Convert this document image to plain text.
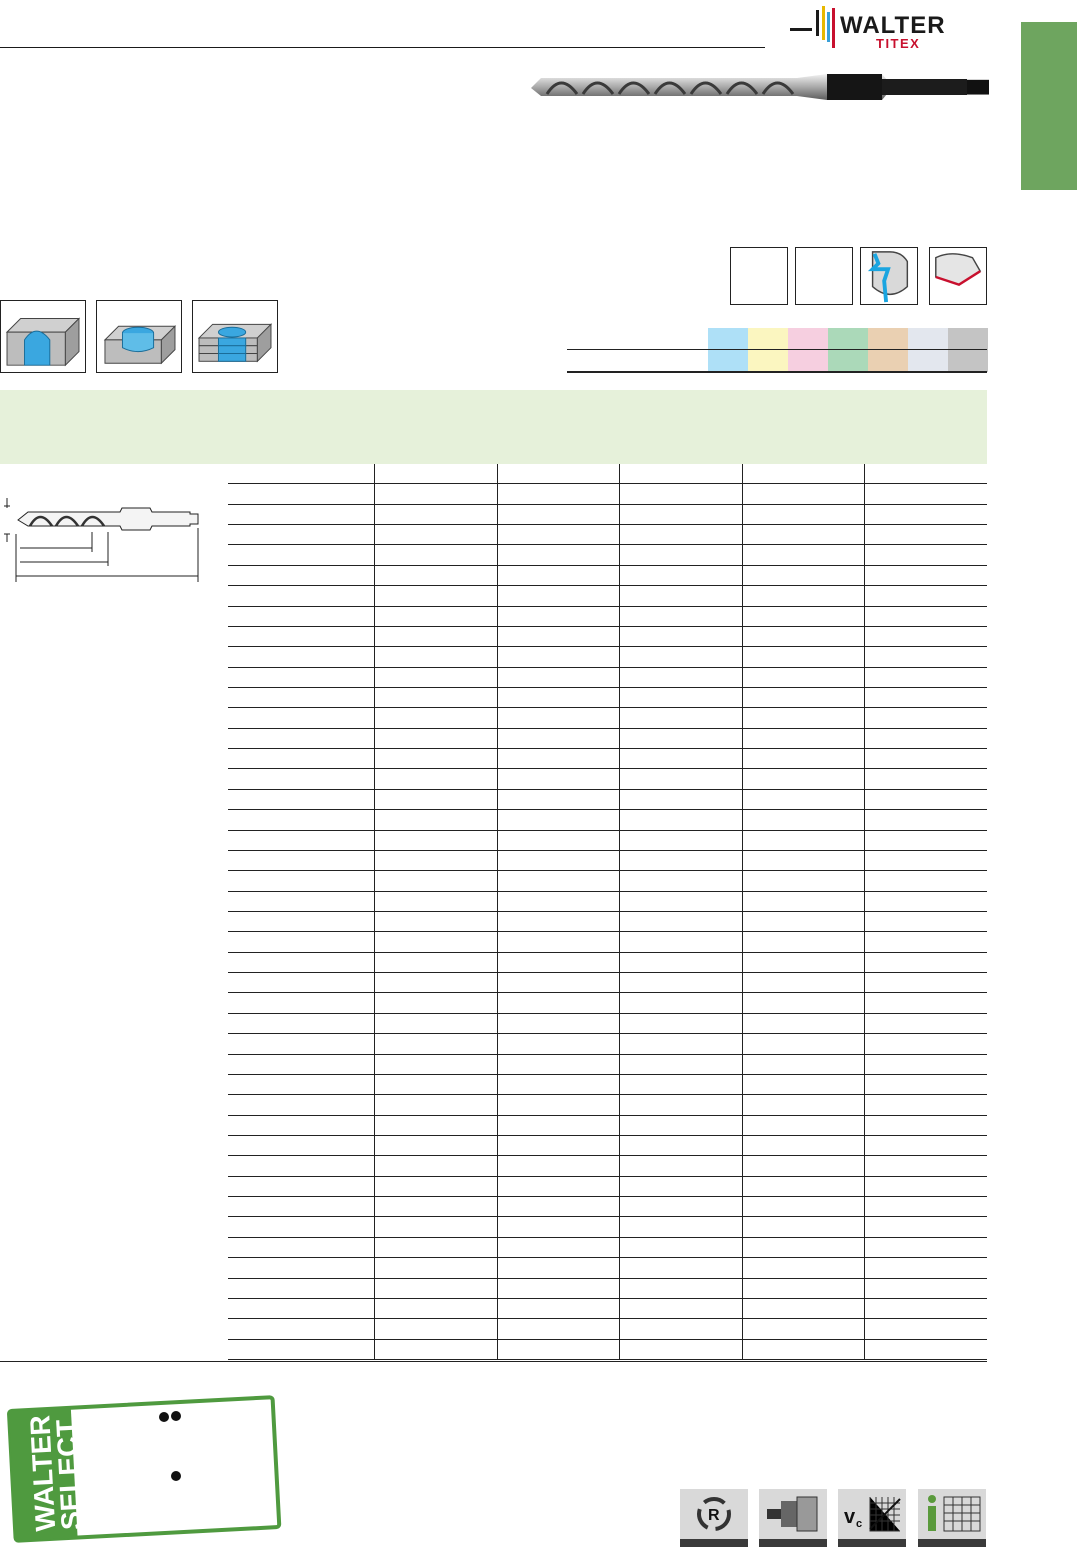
WALTER
TITEX
WALTER
SELECT	R	v c
